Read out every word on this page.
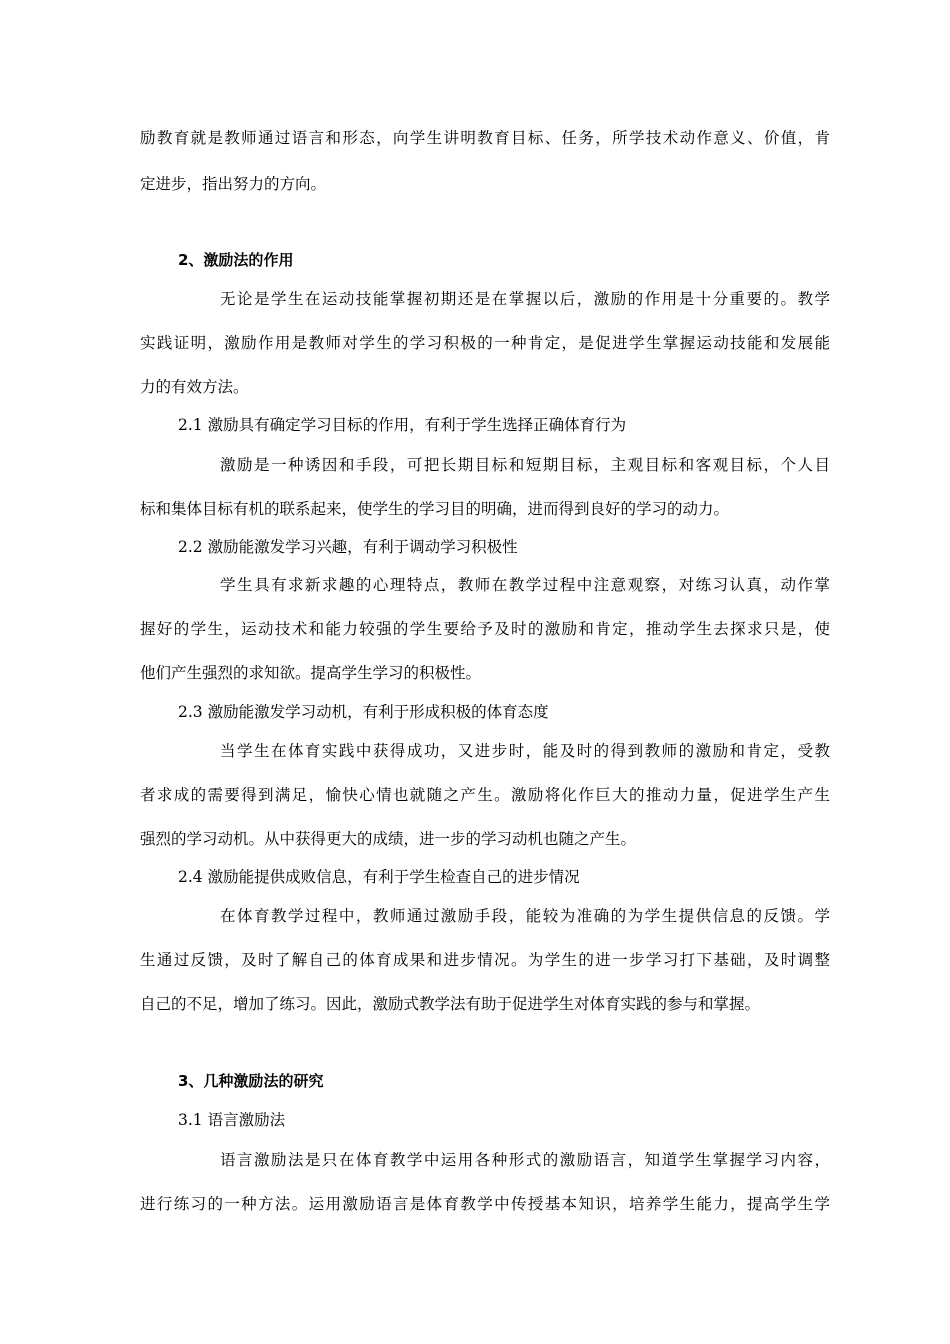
励教育就是教师通过语言和形态，向学生讲明教育目标、任务，所学技术动作意义、价值，肯

定进步，指出努力的方向。

2、激励法的作用

无论是学生在运动技能掌握初期还是在掌握以后，激励的作用是十分重要的。教学

实践证明，激励作用是教师对学生的学习积极的一种肯定，是促进学生掌握运动技能和发展能

力的有效方法。

2.1 激励具有确定学习目标的作用，有利于学生选择正确体育行为

激励是一种诱因和手段，可把长期目标和短期目标，主观目标和客观目标，个人目

标和集体目标有机的联系起来，使学生的学习目的明确，进而得到良好的学习的动力。

2.2 激励能激发学习兴趣，有利于调动学习积极性

学生具有求新求趣的心理特点，教师在教学过程中注意观察，对练习认真，动作掌

握好的学生，运动技术和能力较强的学生要给予及时的激励和肯定，推动学生去探求只是，使

他们产生强烈的求知欲。提高学生学习的积极性。

2.3 激励能激发学习动机，有利于形成积极的体育态度

当学生在体育实践中获得成功，又进步时，能及时的得到教师的激励和肯定，受教

者求成的需要得到满足，愉快心情也就随之产生。激励将化作巨大的推动力量，促进学生产生

强烈的学习动机。从中获得更大的成绩，进一步的学习动机也随之产生。

2.4 激励能提供成败信息，有利于学生检查自己的进步情况

在体育教学过程中，教师通过激励手段，能较为准确的为学生提供信息的反馈。学

生通过反馈，及时了解自己的体育成果和进步情况。为学生的进一步学习打下基础，及时调整

自己的不足，增加了练习。因此，激励式教学法有助于促进学生对体育实践的参与和掌握。

3、几种激励法的研究

3.1 语言激励法

语言激励法是只在体育教学中运用各种形式的激励语言，知道学生掌握学习内容，

进行练习的一种方法。运用激励语言是体育教学中传授基本知识，培养学生能力，提高学生学
